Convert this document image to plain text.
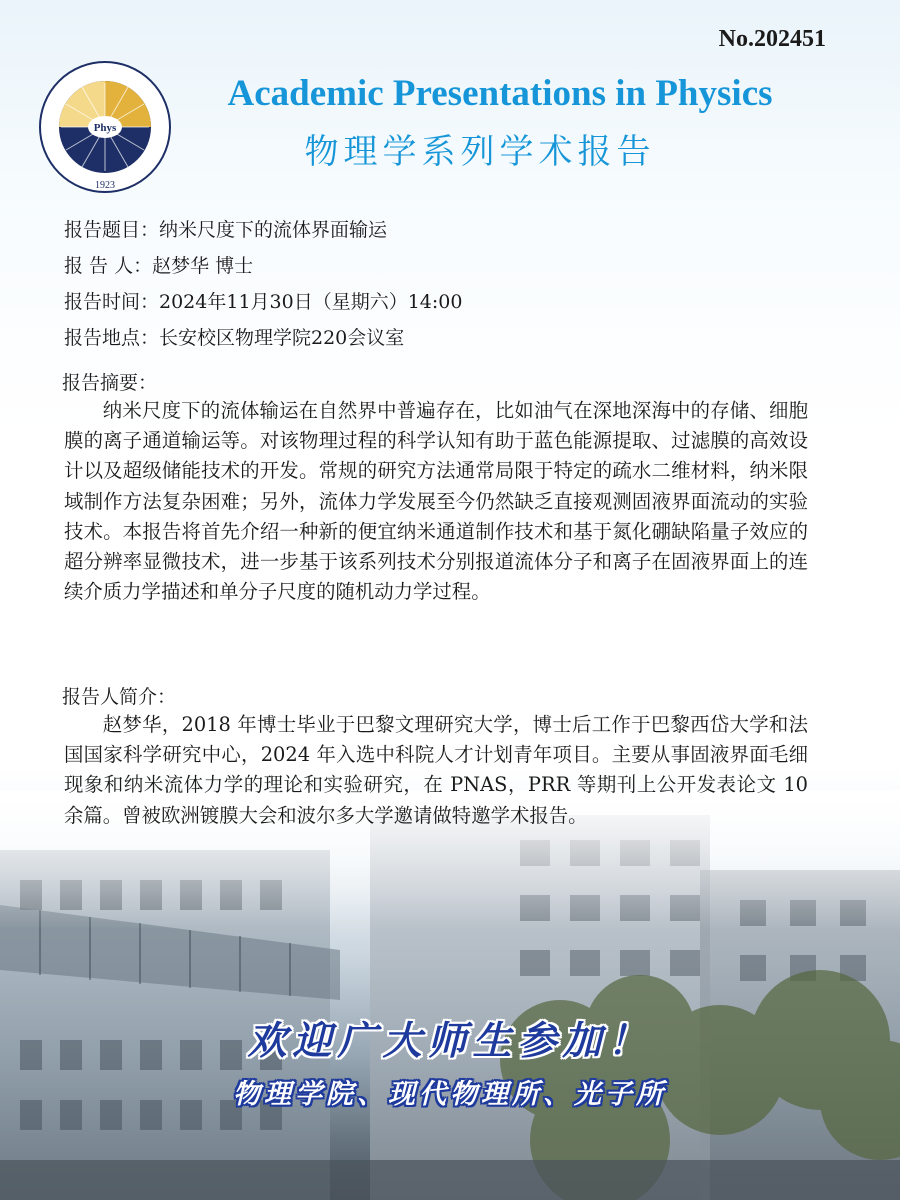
No.202451
Phys
1923
Academic Presentations in Physics
物理学系列学术报告
报告题目：纳米尺度下的流体界面输运
报 告 人：赵梦华 博士
报告时间：2024年11月30日（星期六）14:00
报告地点：长安校区物理学院220会议室
报告摘要：

纳米尺度下的流体输运在自然界中普遍存在，比如油气在深地深海中的存储、细胞膜的离子通道输运等。对该物理过程的科学认知有助于蓝色能源提取、过滤膜的高效设计以及超级储能技术的开发。常规的研究方法通常局限于特定的疏水二维材料，纳米限域制作方法复杂困难；另外，流体力学发展至今仍然缺乏直接观测固液界面流动的实验技术。本报告将首先介绍一种新的便宜纳米通道制作技术和基于氮化硼缺陷量子效应的超分辨率显微技术，进一步基于该系列技术分别报道流体分子和离子在固液界面上的连续介质力学描述和单分子尺度的随机动力学过程。

报告人简介：

赵梦华，2018 年博士毕业于巴黎文理研究大学，博士后工作于巴黎西岱大学和法国国家科学研究中心，2024 年入选中科院人才计划青年项目。主要从事固液界面毛细现象和纳米流体力学的理论和实验研究，在 PNAS，PRR 等期刊上公开发表论文 10 余篇。曾被欧洲镀膜大会和波尔多大学邀请做特邀学术报告。

欢迎广大师生参加！
物理学院、现代物理所、光子所
